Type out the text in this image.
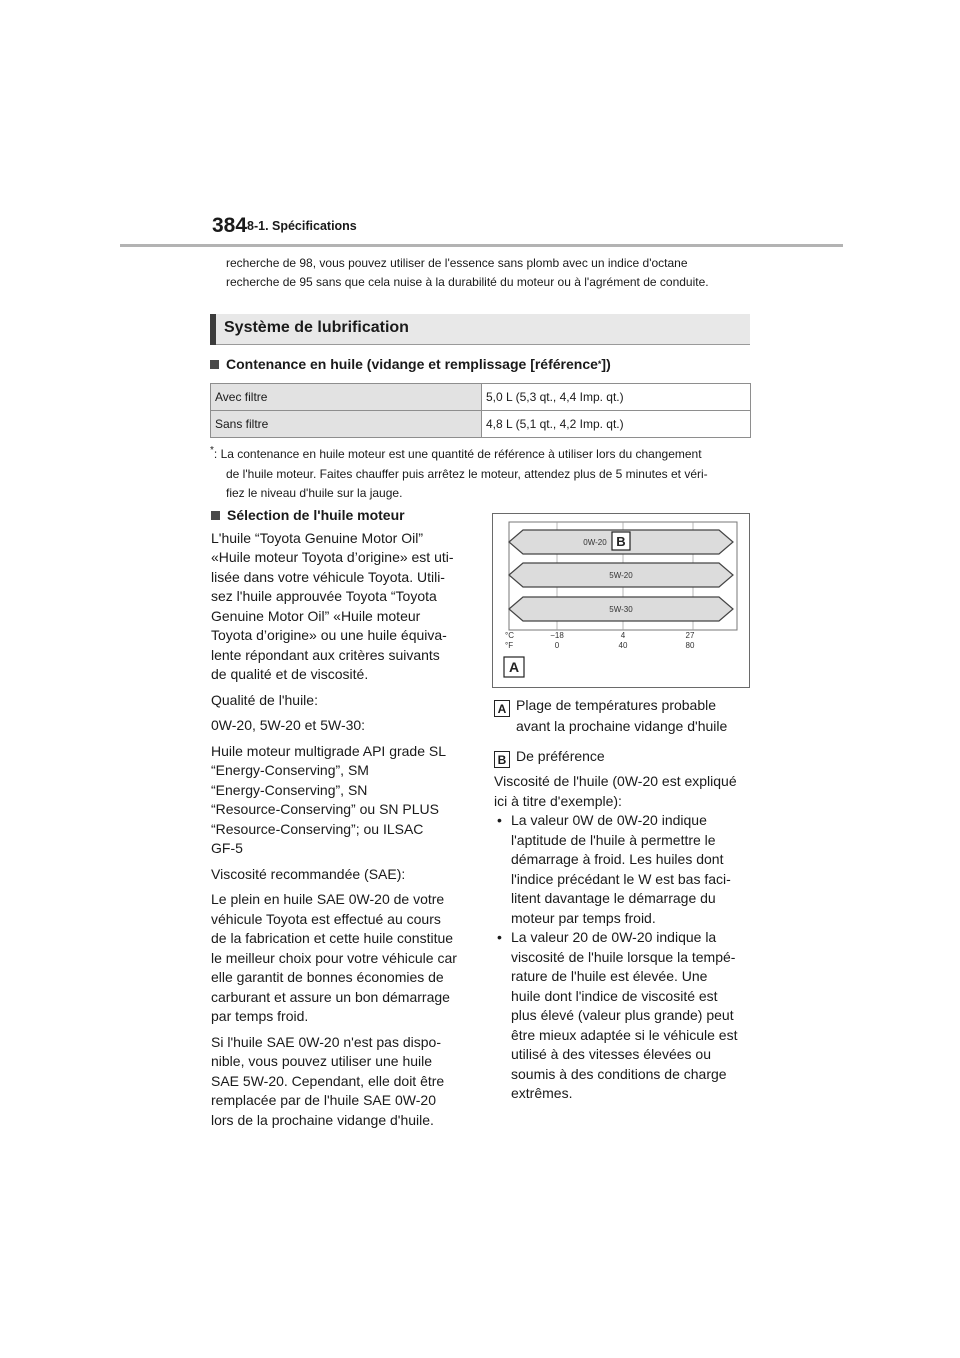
384 8-1. Spécifications

recherche de 98, vous pouvez utiliser de l'essence sans plomb avec un indice d'octane

recherche de 95 sans que cela nuise à la durabilité du moteur ou à l'agrément de conduite.

Système de lubrification
Contenance en huile (vidange et remplissage [référence * ])
Avec filtre	5,0 L (5,3 qt., 4,4 Imp. qt.)
Sans filtre	4,8 L (5,1 qt., 4,2 Imp. qt.)
*: La contenance en huile moteur est une quantité de référence à utiliser lors du changement
de l'huile moteur. Faites chauffer puis arrêtez le moteur, attendez plus de 5 minutes et véri-
fiez le niveau d'huile sur la jauge.
Sélection de l'huile moteur

L'huile “Toyota Genuine Motor Oil”
«Huile moteur Toyota d’origine» est uti-
lisée dans votre véhicule Toyota. Utili-
sez l'huile approuvée Toyota “Toyota
Genuine Motor Oil” «Huile moteur
Toyota d’origine» ou une huile équiva-
lente répondant aux critères suivants
de qualité et de viscosité.

Qualité de l'huile:

0W-20, 5W-20 et 5W-30:

Huile moteur multigrade API grade SL
“Energy-Conserving”, SM
“Energy-Conserving”, SN
“Resource-Conserving” ou SN PLUS
“Resource-Conserving”; ou ILSAC
GF-5

Viscosité recommandée (SAE):

Le plein en huile SAE 0W-20 de votre
véhicule Toyota est effectué au cours
de la fabrication et cette huile constitue
le meilleur choix pour votre véhicule car
elle garantit de bonnes économies de
carburant et assure un bon démarrage
par temps froid.

Si l'huile SAE 0W-20 n'est pas dispo-
nible, vous pouvez utiliser une huile
SAE 5W-20. Cependant, elle doit être
remplacée par de l'huile SAE 0W-20
lors de la prochaine vidange d'huile.

0W-20
5W-20
5W-30
B
°C
°F
−18	4	27
0	40	80
A
A Plage de températures probable
avant la prochaine vidange d'huile
B De préférence

Viscosité de l'huile (0W-20 est expliqué
ici à titre d'exemple):

• La valeur 0W de 0W-20 indique
l'aptitude de l'huile à permettre le
démarrage à froid. Les huiles dont
l'indice précédant le W est bas faci-
litent davantage le démarrage du
moteur par temps froid.
• La valeur 20 de 0W-20 indique la
viscosité de l'huile lorsque la tempé-
rature de l'huile est élevée. Une
huile dont l'indice de viscosité est
plus élevé (valeur plus grande) peut
être mieux adaptée si le véhicule est
utilisé à des vitesses élevées ou
soumis à des conditions de charge
extrêmes.
